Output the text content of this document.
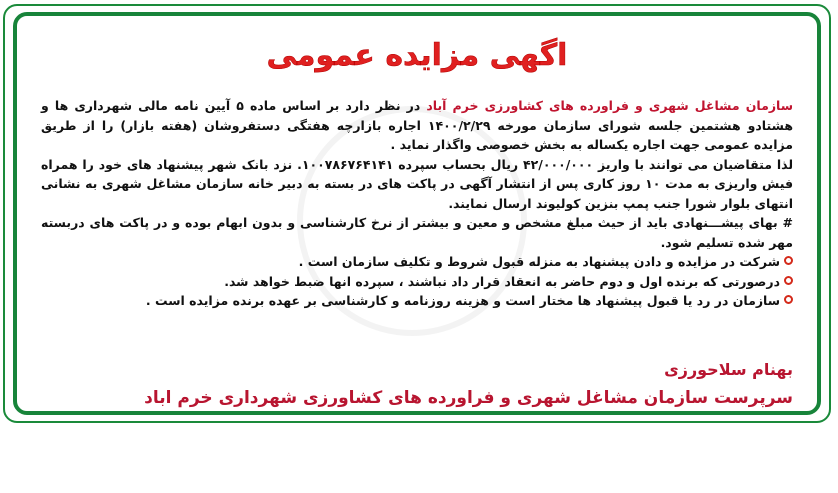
اگهی مزایده عمومی

سازمان مشاغل شهری و فراورده های کشاورزی خرم آباد در نظر دارد بر اساس ماده ۵ آیین نامه مالی شهرداری ها و هشتادو هشتمین جلسه شورای سازمان مورخه ۱۴۰۰/۲/۲۹ اجاره بازارچه هفتگی دستفروشان (هفته بازار) را از طریق مزایده عمومی جهت اجاره یکساله به بخش خصوصی واگذار نماید .

لذا متقاضیان می توانند با واریز ۴۲/۰۰۰/۰۰۰ ریال بحساب سپرده ۱۰۰۷۸۶۷۶۴۱۴۱. نزد بانک شهر پیشنهاد های خود را همراه فیش واریزی به مدت ۱۰ روز کاری پس از انتشار آگهی در پاکت های در بسته به دبیر خانه سازمان مشاغل شهری به نشانی انتهای بلوار شورا جنب پمپ بنزین کولیوند ارسال نمایند.

# بهای پیشـــنهادی باید از حیث مبلغ مشخص و معین و بیشتر از نرخ کارشناسی و بدون ابهام بوده و در پاکت های دربسته مهر شده تسلیم شود.

شرکت در مزایده و دادن پیشنهاد به منزله قبول شروط و تکلیف سازمان است .
درصورتی که برنده اول و دوم حاضر به انعقاد قرار داد نباشند ، سپرده انها ضبط خواهد شد.
سازمان در رد یا قبول پیشنهاد ها مختار است و هزینه روزنامه و کارشناسی بر عهده برنده مزایده است .
بهنام سلاحورزی
سرپرست سازمان مشاغل شهری و فراورده های کشاورزی شهرداری خرم اباد
